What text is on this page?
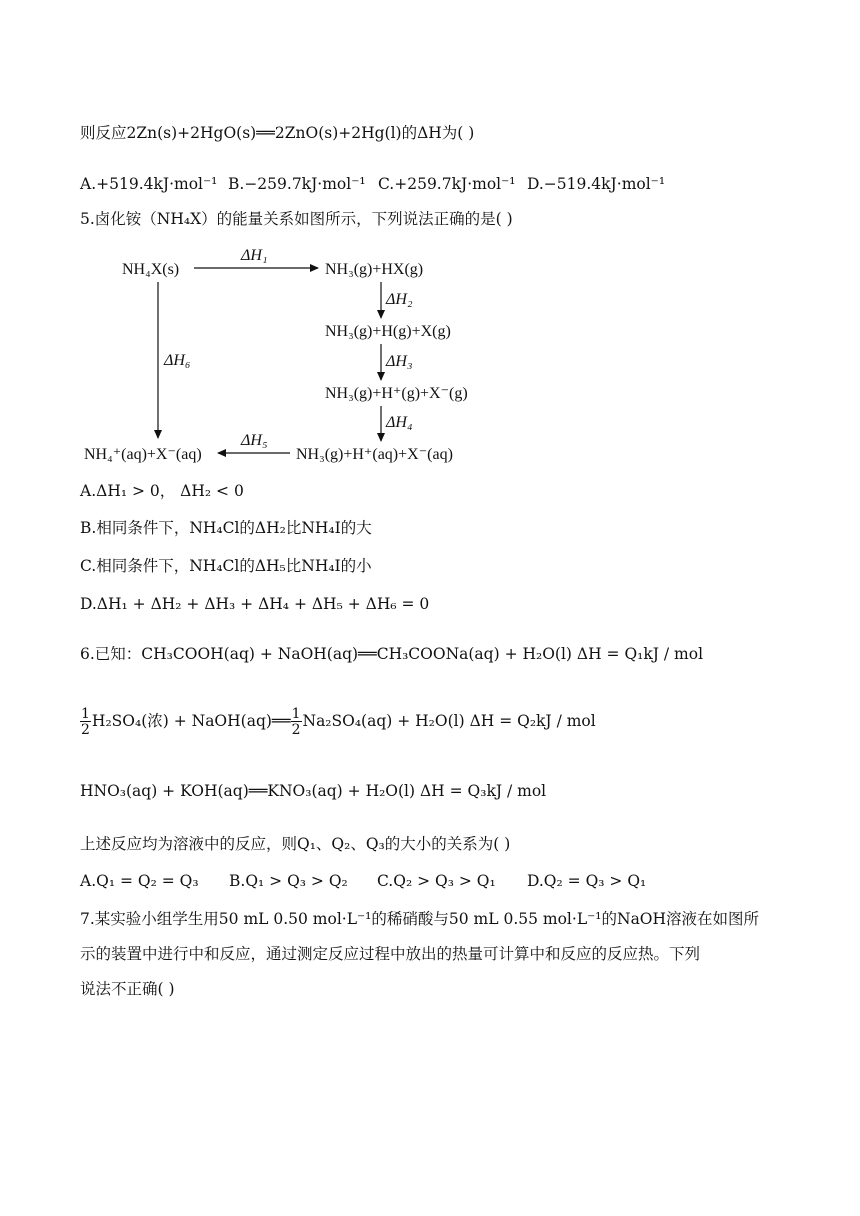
则反应2Zn(s)+2HgO(s)══2ZnO(s)+2Hg(l)的ΔH为( )
A.+519.4kJ·mol⁻¹ B.−259.7kJ·mol⁻¹ C.+259.7kJ·mol⁻¹ D.−519.4kJ·mol⁻¹
5.卤化铵（NH₄X）的能量关系如图所示，下列说法正确的是( )
NH₄X(s)	NH₃(g)+HX(g)
NH₃(g)+H(g)+X(g)
NH₃(g)+H⁺(g)+X⁻(g)
NH₃(g)+H⁺(aq)+X⁻(aq)
NH₄⁺(aq)+X⁻(aq)
ΔH₁
ΔH₂
ΔH₃
ΔH₄
ΔH₅
ΔH₆
A.ΔH₁ > 0， ΔH₂ < 0
B.相同条件下，NH₄Cl的ΔH₂比NH₄I的大
C.相同条件下，NH₄Cl的ΔH₅比NH₄I的小
D.ΔH₁ + ΔH₂ + ΔH₃ + ΔH₄ + ΔH₅ + ΔH₆ = 0
6.已知：CH₃COOH(aq) + NaOH(aq)══CH₃COONa(aq) + H₂O(l) ΔH = Q₁kJ / mol
$\frac{1}{2} H_2SO_4$(浓) + NaOH(aq)══ $\frac{1}{2} Na_2SO_4(aq) + H_2O(l) \Delta H = Q_2kJ$ / mol
HNO₃(aq) + KOH(aq)══KNO₃(aq) + H₂O(l) ΔH = Q₃kJ / mol
上述反应均为溶液中的反应，则Q₁、Q₂、Q₃的大小的关系为( )
A.Q₁ = Q₂ = Q₃ B.Q₁ > Q₃ > Q₂ C.Q₂ > Q₃ > Q₁ D.Q₂ = Q₃ > Q₁
7.某实验小组学生用50 mL 0.50 mol·L⁻¹的稀硝酸与50 mL 0.55 mol·L⁻¹的NaOH溶液在如图所
示的装置中进行中和反应，通过测定反应过程中放出的热量可计算中和反应的反应热。下列
说法不正确( )
